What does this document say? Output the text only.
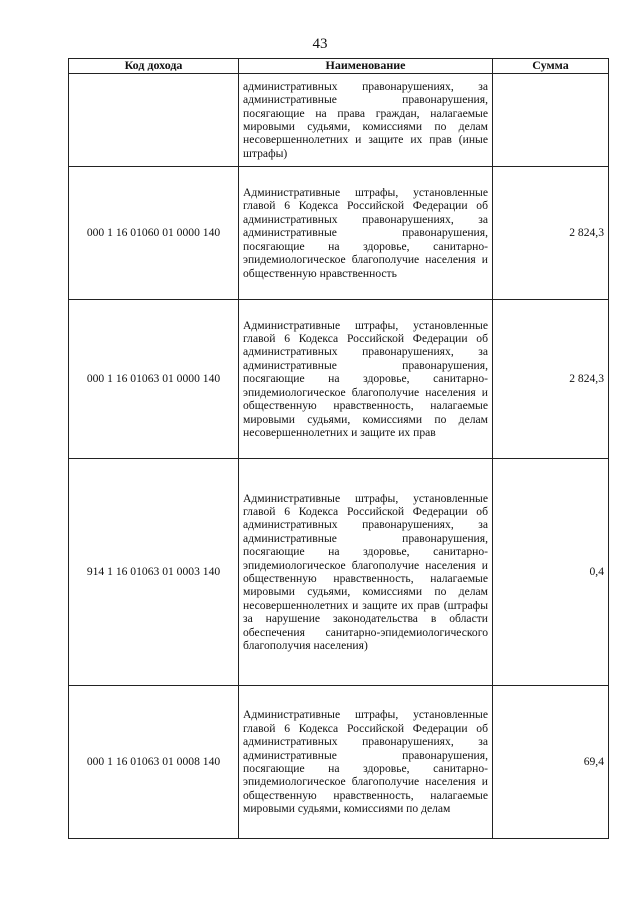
43
Код дохода	Наименование	Сумма
	административных правонарушениях, за административные правонарушения, посягающие на права граждан, налагаемые мировыми судьями, комиссиями по делам несовершеннолетних и защите их прав (иные штрафы)	
000 1 16 01060 01 0000 140	Административные штрафы, установленные главой 6 Кодекса Российской Федерации об административных правонарушениях, за административные правонарушения, посягающие на здоровье, санитарно-эпидемиологическое благополучие населения и общественную нравственность	2 824,3
000 1 16 01063 01 0000 140	Административные штрафы, установленные главой 6 Кодекса Российской Федерации об административных правонарушениях, за административные правонарушения, посягающие на здоровье, санитарно-эпидемиологическое благополучие населения и общественную нравственность, налагаемые мировыми судьями, комиссиями по делам несовершеннолетних и защите их прав	2 824,3
914 1 16 01063 01 0003 140	Административные штрафы, установленные главой 6 Кодекса Российской Федерации об административных правонарушениях, за административные правонарушения, посягающие на здоровье, санитарно-эпидемиологическое благополучие населения и общественную нравственность, налагаемые мировыми судьями, комиссиями по делам несовершеннолетних и защите их прав (штрафы за нарушение законодательства в области обеспечения санитарно-эпидемиологического благополучия населения)	0,4
000 1 16 01063 01 0008 140	Административные штрафы, установленные главой 6 Кодекса Российской Федерации об административных правонарушениях, за административные правонарушения, посягающие на здоровье, санитарно-эпидемиологическое благополучие населения и общественную нравственность, налагаемые мировыми судьями, комиссиями по делам	69,4
